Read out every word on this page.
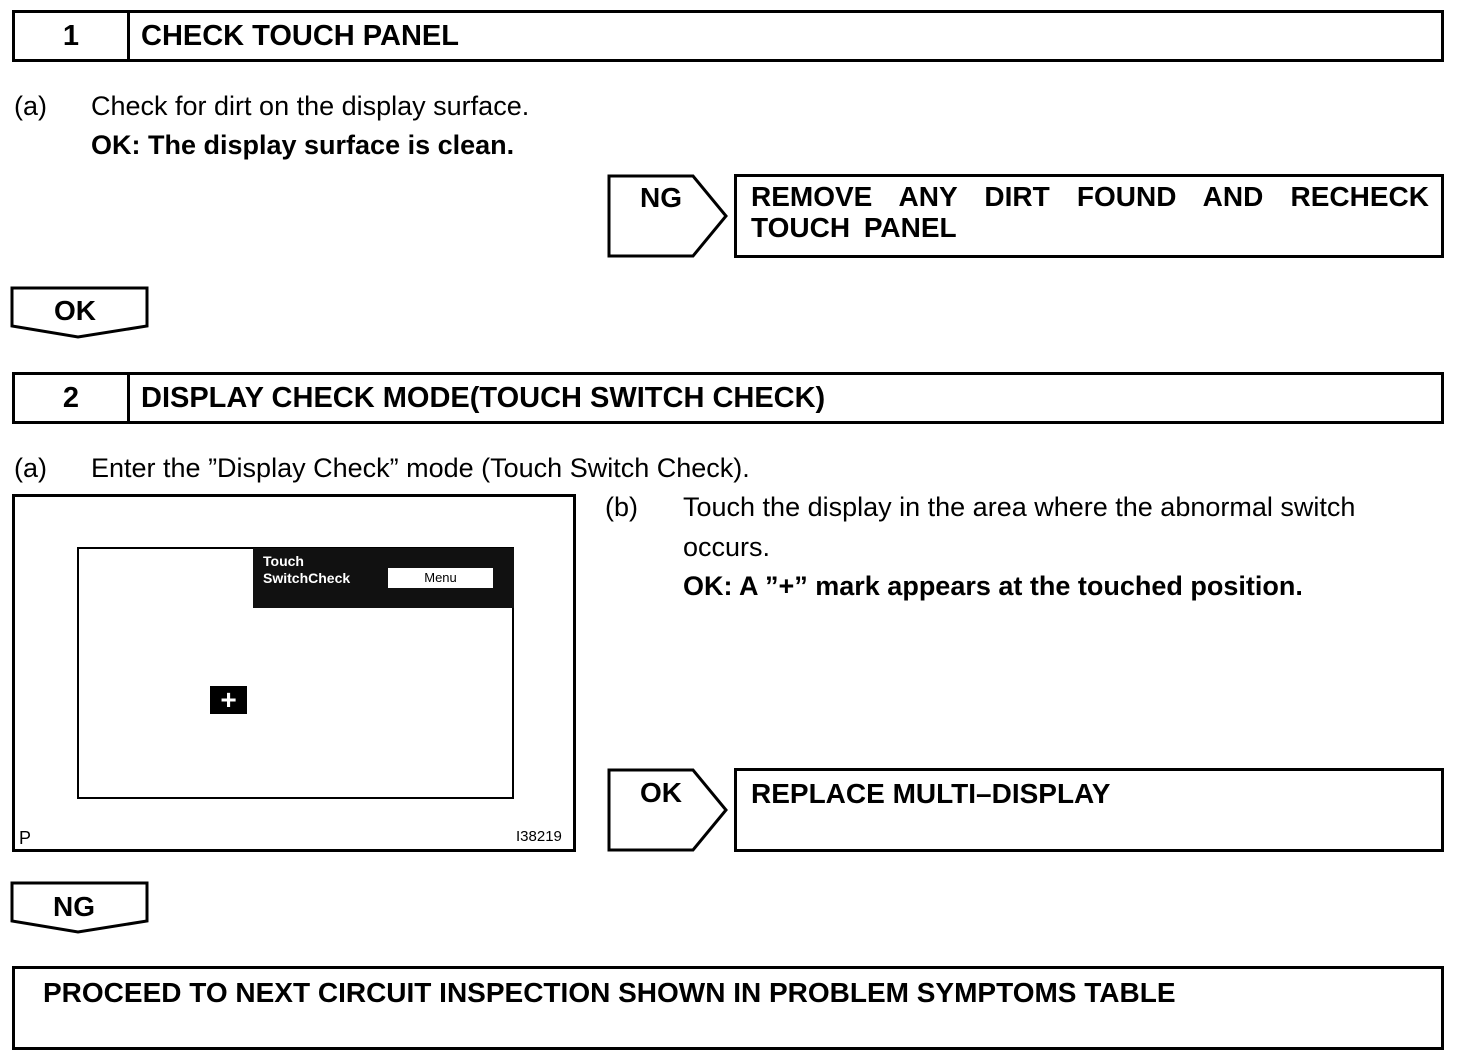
1	CHECK TOUCH PANEL
(a) Check for dirt on the display surface.
OK: The display surface is clean.
NG REMOVE ANY DIRT FOUND AND RECHECK TOUCH PANEL
OK
2	DISPLAY CHECK MODE(TOUCH SWITCH CHECK)
(a) Enter the ”Display Check” mode (Touch Switch Check).
Touch
SwitchCheck	Menu
+
P	I38219
(b) Touch the display in the area where the abnormal switch
occurs.
OK: A ”+” mark appears at the touched position.
OK REPLACE MULTI–DISPLAY
NG
PROCEED TO NEXT CIRCUIT INSPECTION SHOWN IN PROBLEM SYMPTOMS TABLE
